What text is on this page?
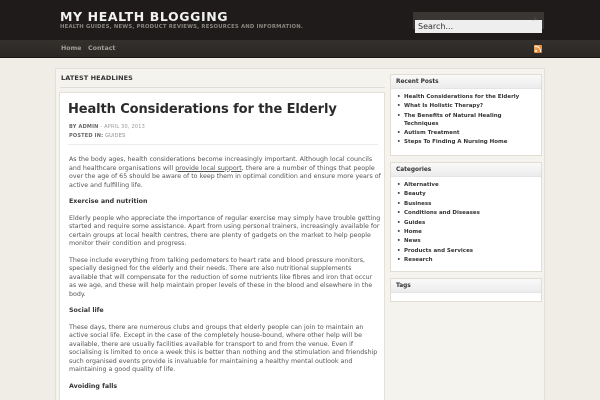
MY HEALTH BLOGGING
HEALTH GUIDES, NEWS, PRODUCT REVIEWS, RESOURCES AND INFORMATION.
Search...
⌕
Home Contact
LATEST HEADLINES
Health Considerations for the Elderly
BY ADMIN - APRIL 30, 2013
POSTED IN: GUIDES

As the body ages, health considerations become increasingly important. Although local councils and healthcare organisations will provide local support, there are a number of things that people over the age of 65 should be aware of to keep them in optimal condition and ensure more years of active and fulfilling life.

Exercise and nutrition

Elderly people who appreciate the importance of regular exercise may simply have trouble getting started and require some assistance. Apart from using personal trainers, increasingly available for certain groups at local health centres, there are plenty of gadgets on the market to help people monitor their condition and progress.

These include everything from talking pedometers to heart rate and blood pressure monitors, specially designed for the elderly and their needs. There are also nutritional supplements available that will compensate for the reduction of some nutrients like fibres and iron that occur as we age, and these will help maintain proper levels of these in the blood and elsewhere in the body.

Social life

These days, there are numerous clubs and groups that elderly people can join to maintain an active social life. Except in the case of the completely house-bound, where other help will be available, there are usually facilities available for transport to and from the venue. Even if socialising is limited to once a week this is better than nothing and the stimulation and friendship such organised events provide is invaluable for maintaining a healthy mental outlook and maintaining a good quality of life.

Avoiding falls
Recent Posts
• Health Considerations for the Elderly
• What Is Holistic Therapy?
• The Benefits of Natural Healing Techniques
• Autism Treatment
• Steps To Finding A Nursing Home
Categories
• Alternative
• Beauty
• Business
• Conditions and Diseases
• Guides
• Home
• News
• Products and Services
• Research
Tags
